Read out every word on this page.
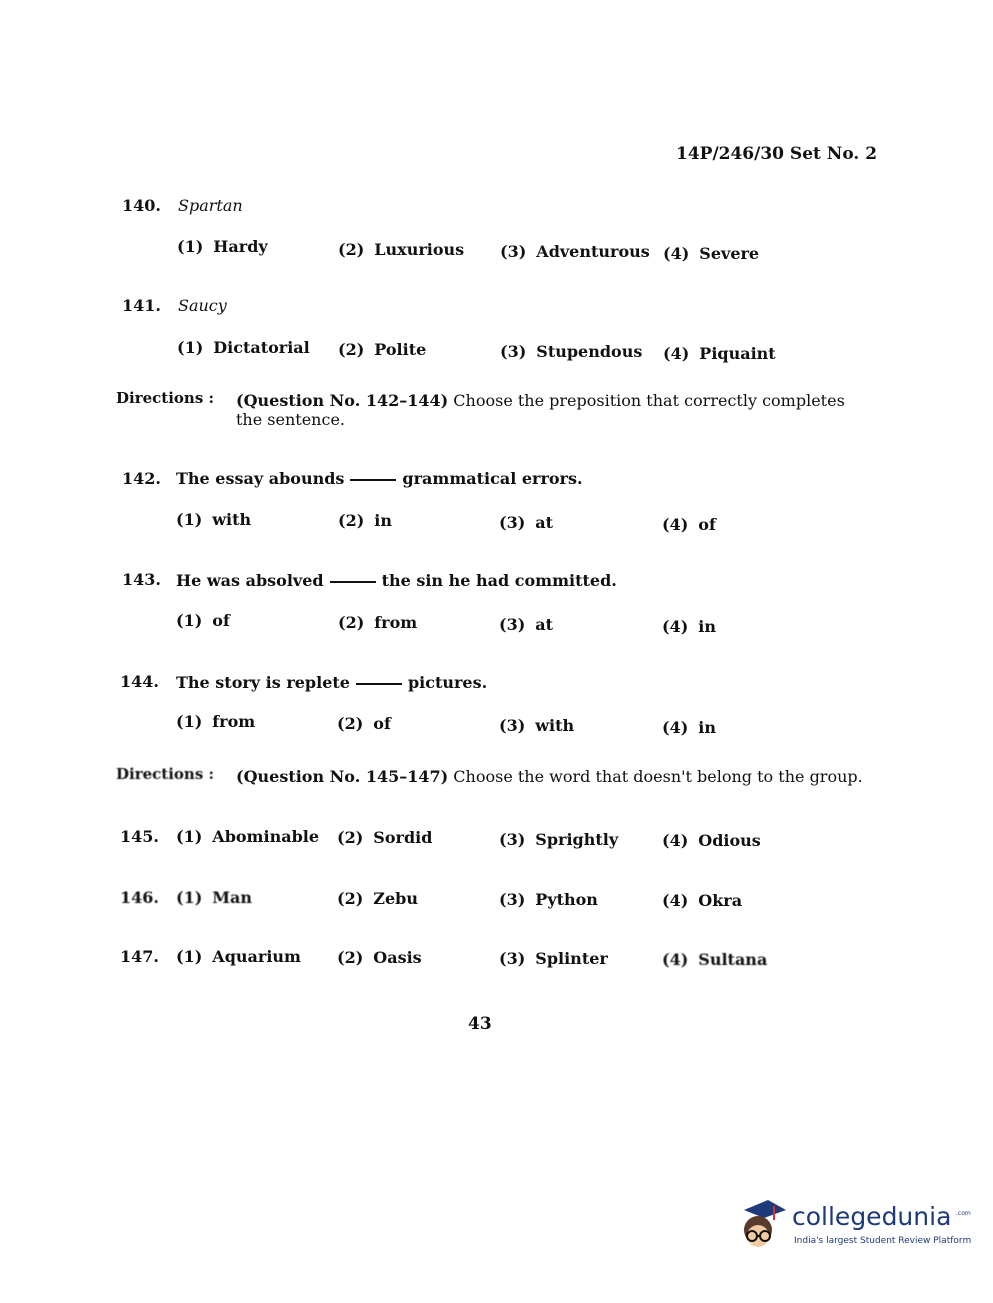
14P/246/30 Set No. 2
140. Spartan
(1) Hardy	(2) Luxurious (3) Adventurous (4) Severe
141. Saucy
(1) Dictatorial (2) Polite	(3) Stupendous (4) Piquaint
Directions : (Question No. 142–144) Choose the preposition that correctly completes the sentence.
142. The essay abounds	grammatical errors.
(1) with	(2) in	(3) at	(4) of
143. He was absolved	the sin he had committed.
(1) of	(2) from	(3) at	(4) in
144. The story is replete	pictures.
(1) from	(2) of	(3) with	(4) in
Directions : (Question No. 145–147) Choose the word that doesn't belong to the group.
145. (1) Abominable (2) Sordid	(3) Sprightly	(4) Odious
146. (1) Man	(2) Zebu	(3) Python	(4) Okra
147. (1) Aquarium (2) Oasis	(3) Splinter	(4) Sultana
43
collegedunia .com
India's largest Student Review Platform
